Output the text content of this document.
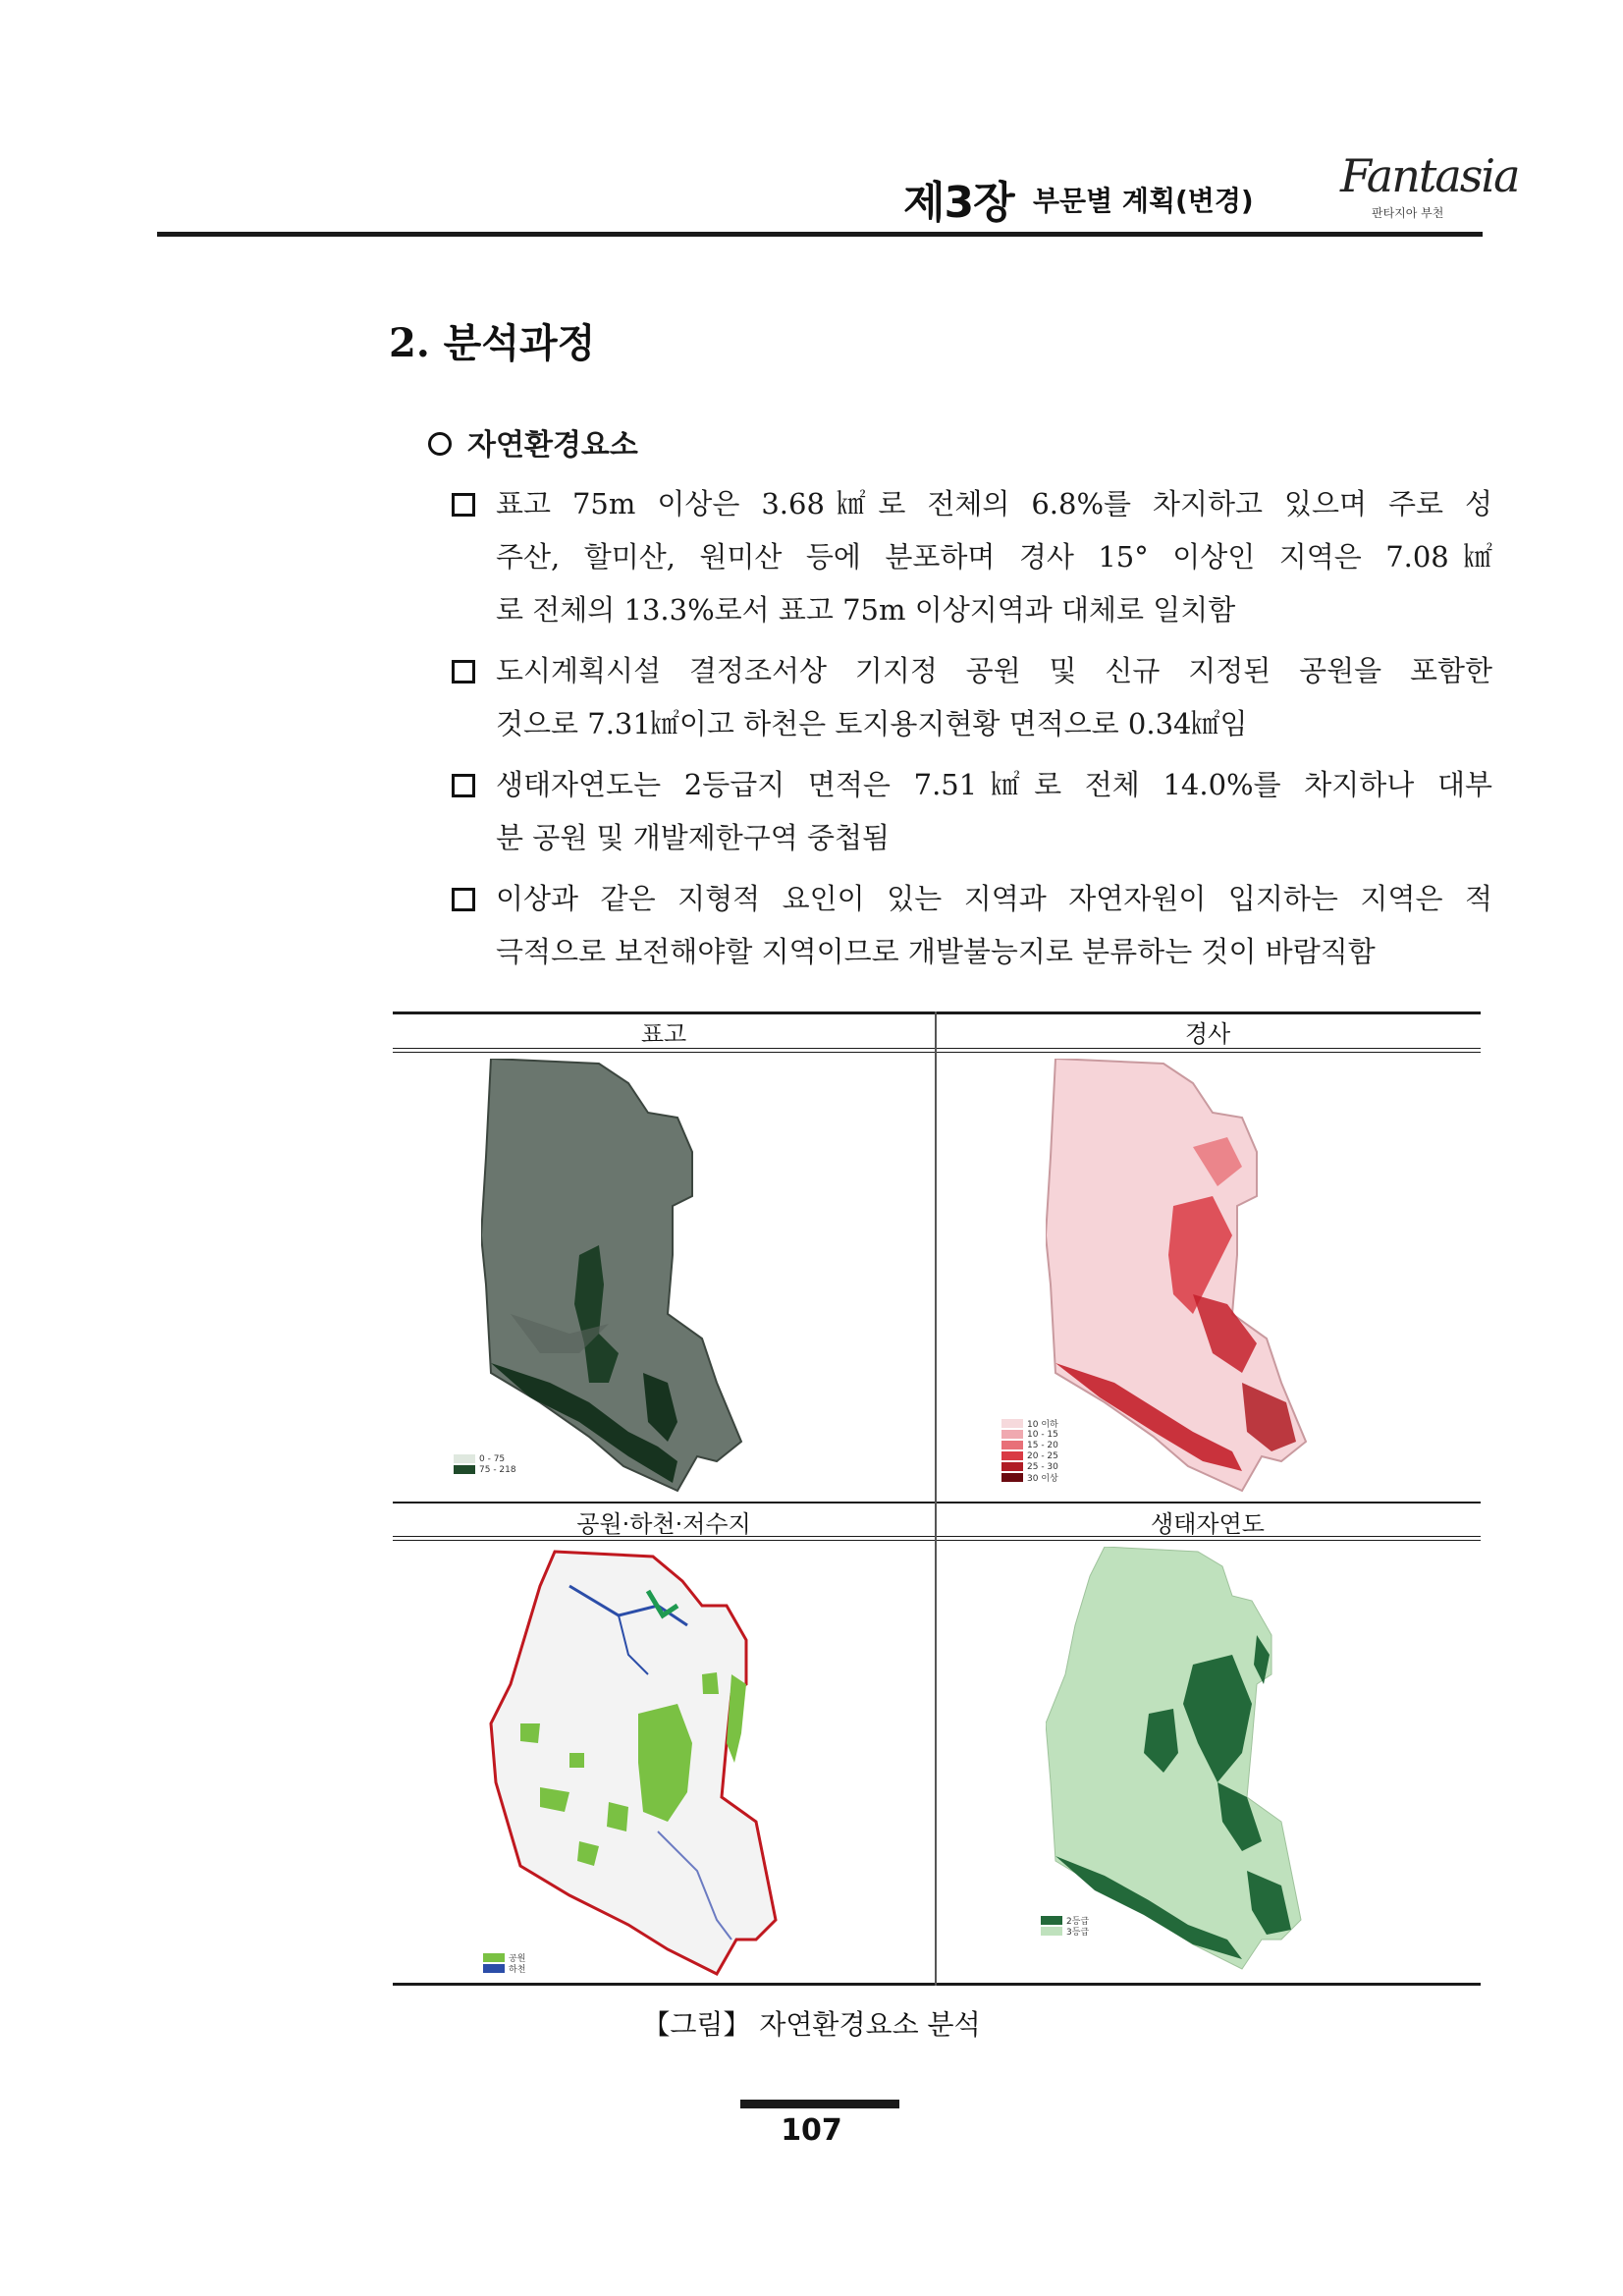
제3장 부문별 계획(변경) Fantasia
판타지아 부천
2. 분석과정
자연환경요소
표고 75m 이상은 3.68㎢로 전체의 6.8%를 차지하고 있으며 주로 성
주산, 할미산, 원미산 등에 분포하며 경사 15° 이상인 지역은 7.08㎢
로 전체의 13.3%로서 표고 75m 이상지역과 대체로 일치함
도시계획시설 결정조서상 기지정 공원 및 신규 지정된 공원을 포함한
것으로 7.31㎢이고 하천은 토지용지현황 면적으로 0.34㎢임
생태자연도는 2등급지 면적은 7.51㎢로 전체 14.0%를 차지하나 대부
분 공원 및 개발제한구역 중첩됨
이상과 같은 지형적 요인이 있는 지역과 자연자원이 입지하는 지역은 적
극적으로 보전해야할 지역이므로 개발불능지로 분류하는 것이 바람직함
표고	경사
공원·하천·저수지	생태자연도
0 - 75
75 - 218
10 이하
10 - 15
15 - 20
20 - 25
25 - 30
30 이상
공원
하천
2등급
3등급
【그림】 자연환경요소 분석
107
